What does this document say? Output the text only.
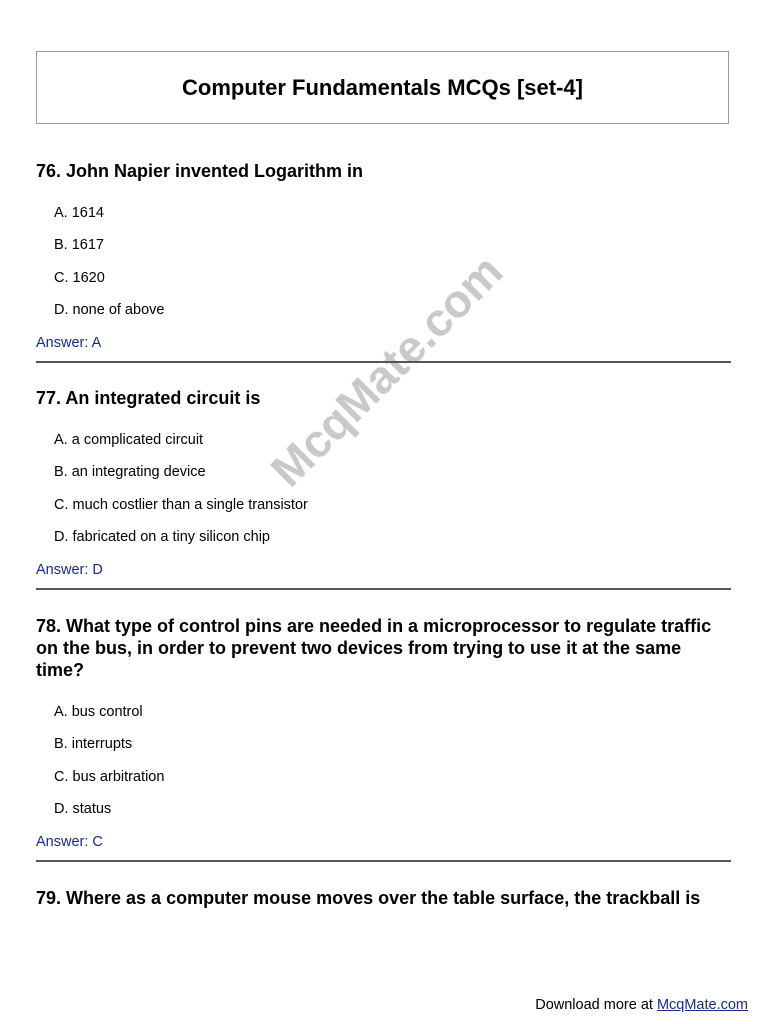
Computer Fundamentals MCQs [set-4]
McqMate.com
76. John Napier invented Logarithm in
A. 1614
B. 1617
C. 1620
D. none of above
Answer: A
77. An integrated circuit is
A. a complicated circuit
B. an integrating device
C. much costlier than a single transistor
D. fabricated on a tiny silicon chip
Answer: D
78. What type of control pins are needed in a microprocessor to regulate traffic on the bus, in order to prevent two devices from trying to use it at the same time?
A. bus control
B. interrupts
C. bus arbitration
D. status
Answer: C
79. Where as a computer mouse moves over the table surface, the trackball is
Download more at McqMate.com
